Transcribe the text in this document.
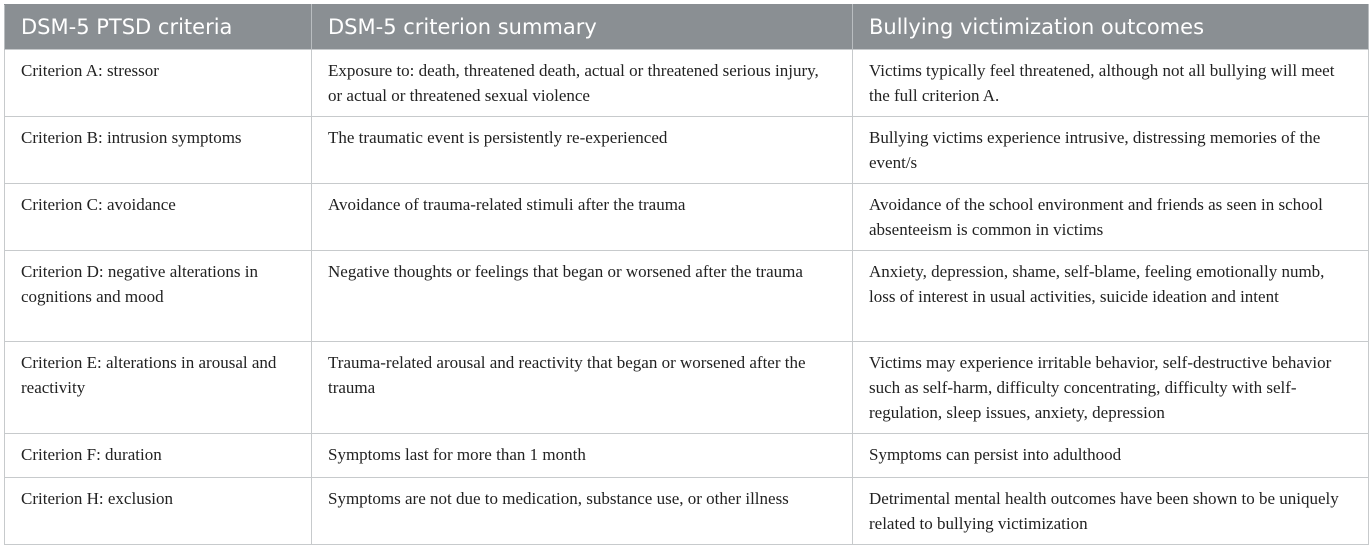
DSM-5 PTSD criteria	DSM-5 criterion summary	Bullying victimization outcomes
Criterion A: stressor	Exposure to: death, threatened death, actual or threatened serious injury, or actual or threatened sexual violence	Victims typically feel threatened, although not all bullying will meet the full criterion A.
Criterion B: intrusion symptoms	The traumatic event is persistently re-experienced	Bullying victims experience intrusive, distressing memories of the event/s
Criterion C: avoidance	Avoidance of trauma-related stimuli after the trauma	Avoidance of the school environment and friends as seen in school absenteeism is common in victims
Criterion D: negative alterations in cognitions and mood	Negative thoughts or feelings that began or worsened after the trauma	Anxiety, depression, shame, self-blame, feeling emotionally numb, loss of interest in usual activities, suicide ideation and intent
Criterion E: alterations in arousal and reactivity	Trauma-related arousal and reactivity that began or worsened after the trauma	Victims may experience irritable behavior, self-destructive behavior such as self-harm, difficulty concentrating, difficulty with self-regulation, sleep issues, anxiety, depression
Criterion F: duration	Symptoms last for more than 1 month	Symptoms can persist into adulthood
Criterion H: exclusion	Symptoms are not due to medication, substance use, or other illness	Detrimental mental health outcomes have been shown to be uniquely related to bullying victimization
